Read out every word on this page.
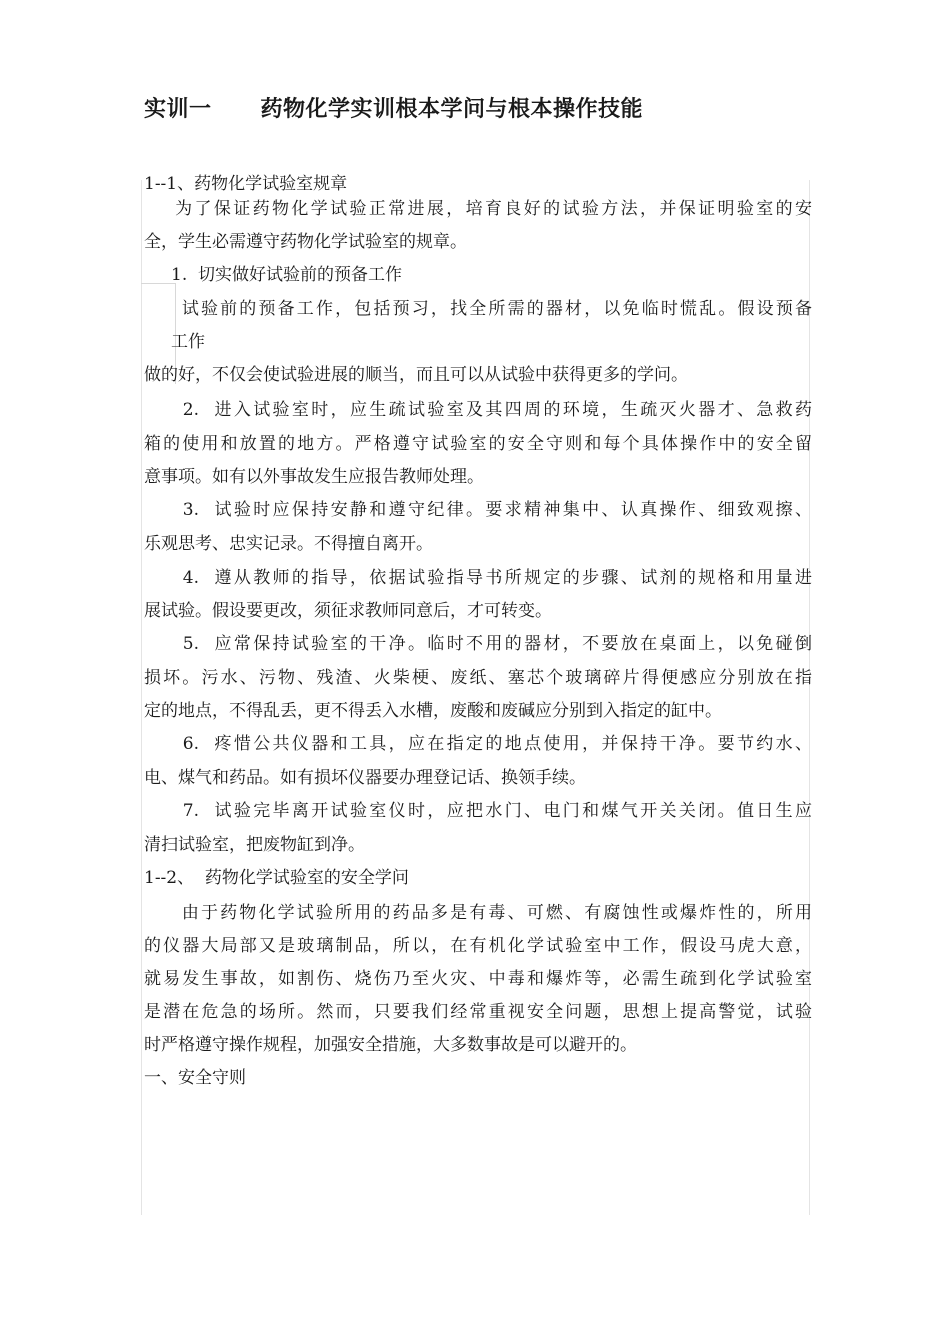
实训一      药物化学实训根本学问与根本操作技能

1--1、药物化学试验室规章

为了保证药物化学试验正常进展，培育良好的试验方法，并保证明验室的安

全，学生必需遵守药物化学试验室的规章。

1.  切实做好试验前的预备工作

试验前的预备工作，包括预习，找全所需的器材，以免临时慌乱。假设预备

工作

做的好，不仅会使试验进展的顺当，而且可以从试验中获得更多的学问。

2.  进入试验室时，应生疏试验室及其四周的环境，生疏灭火器才、急救药

箱的使用和放置的地方。严格遵守试验室的安全守则和每个具体操作中的安全留

意事项。如有以外事故发生应报告教师处理。

3.  试验时应保持安静和遵守纪律。要求精神集中、认真操作、细致观擦、

乐观思考、忠实记录。不得擅自离开。

4.  遵从教师的指导，依据试验指导书所规定的步骤、试剂的规格和用量进

展试验。假设要更改，须征求教师同意后，才可转变。

5.  应常保持试验室的干净。临时不用的器材，不要放在桌面上，以免碰倒

损坏。污水、污物、残渣、火柴梗、废纸、塞芯个玻璃碎片得便感应分别放在指

定的地点，不得乱丢，更不得丢入水槽，废酸和废碱应分别到入指定的缸中。

6.  疼惜公共仪器和工具，应在指定的地点使用，并保持干净。要节约水、

电、煤气和药品。如有损坏仪器要办理登记话、换领手续。

7.  试验完毕离开试验室仪时，应把水门、电门和煤气开关关闭。值日生应

清扫试验室，把废物缸到净。

1--2、  药物化学试验室的安全学问

由于药物化学试验所用的药品多是有毒、可燃、有腐蚀性或爆炸性的，所用

的仪器大局部又是玻璃制品，所以，在有机化学试验室中工作，假设马虎大意，

就易发生事故，如割伤、烧伤乃至火灾、中毒和爆炸等，必需生疏到化学试验室

是潜在危急的场所。然而，只要我们经常重视安全问题，思想上提高警觉，试验

时严格遵守操作规程，加强安全措施，大多数事故是可以避开的。

一、安全守则
